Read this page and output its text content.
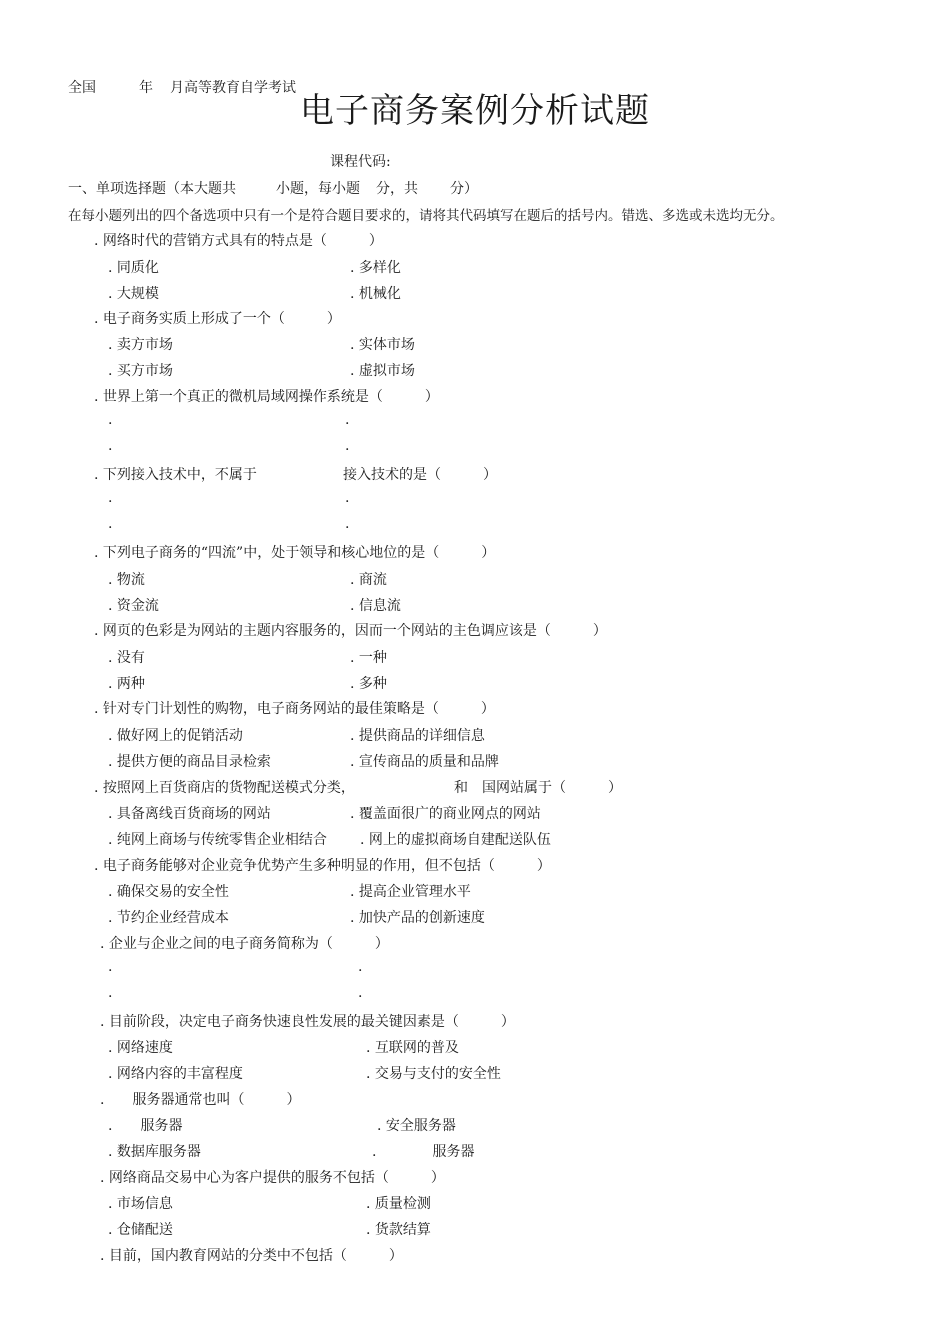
全国	年 月高等教育自学考试
电子商务案例分析试题
课程代码:
一、单项选择题（本大题共	小题，每小题 分，共 分）
在每小题列出的四个备选项中只有一个是符合题目要求的，请将其代码填写在题后的括号内。错选、多选或未选均无分。
. 网络时代的营销方式具有的特点是（　　　）
. 同质化	. 多样化
. 大规模	. 机械化
. 电子商务实质上形成了一个（　　　）
. 卖方市场	. 实体市场
. 买方市场	. 虚拟市场
. 世界上第一个真正的微机局域网操作系统是（　　　）
.	.
.	.
. 下列接入技术中，不属于	接入技术的是（　　　）
.	.
.	.
. 下列电子商务的“四流”中，处于领导和核心地位的是（　　　）
. 物流	. 商流
. 资金流	. 信息流
. 网页的色彩是为网站的主题内容服务的，因而一个网站的主色调应该是（　　　）
. 没有	. 一种
. 两种	. 多种
. 针对专门计划性的购物，电子商务网站的最佳策略是（　　　）
. 做好网上的促销活动	. 提供商品的详细信息
. 提供方便的商品目录检索	. 宣传商品的质量和品牌
. 按照网上百货商店的货物配送模式分类，	和　国网站属于（　　　）
. 具备离线百货商场的网站	. 覆盖面很广的商业网点的网站
. 纯网上商场与传统零售企业相结合 . 网上的虚拟商场自建配送队伍
. 电子商务能够对企业竞争优势产生多种明显的作用，但不包括（　　　）
. 确保交易的安全性	. 提高企业管理水平
. 节约企业经营成本	. 加快产品的创新速度
. 企业与企业之间的电子商务简称为（　　　）
.	.
.	.
. 目前阶段，决定电子商务快速良性发展的最关键因素是（　　　）
. 网络速度	. 互联网的普及
. 网络内容的丰富程度	. 交易与支付的安全性
.　　服务器通常也叫（　　　）
.　　服务器	. 安全服务器
. 数据库服务器	.　　　　服务器
. 网络商品交易中心为客户提供的服务不包括（　　　）
. 市场信息	. 质量检测
. 仓储配送	. 货款结算
. 目前，国内教育网站的分类中不包括（　　　）
